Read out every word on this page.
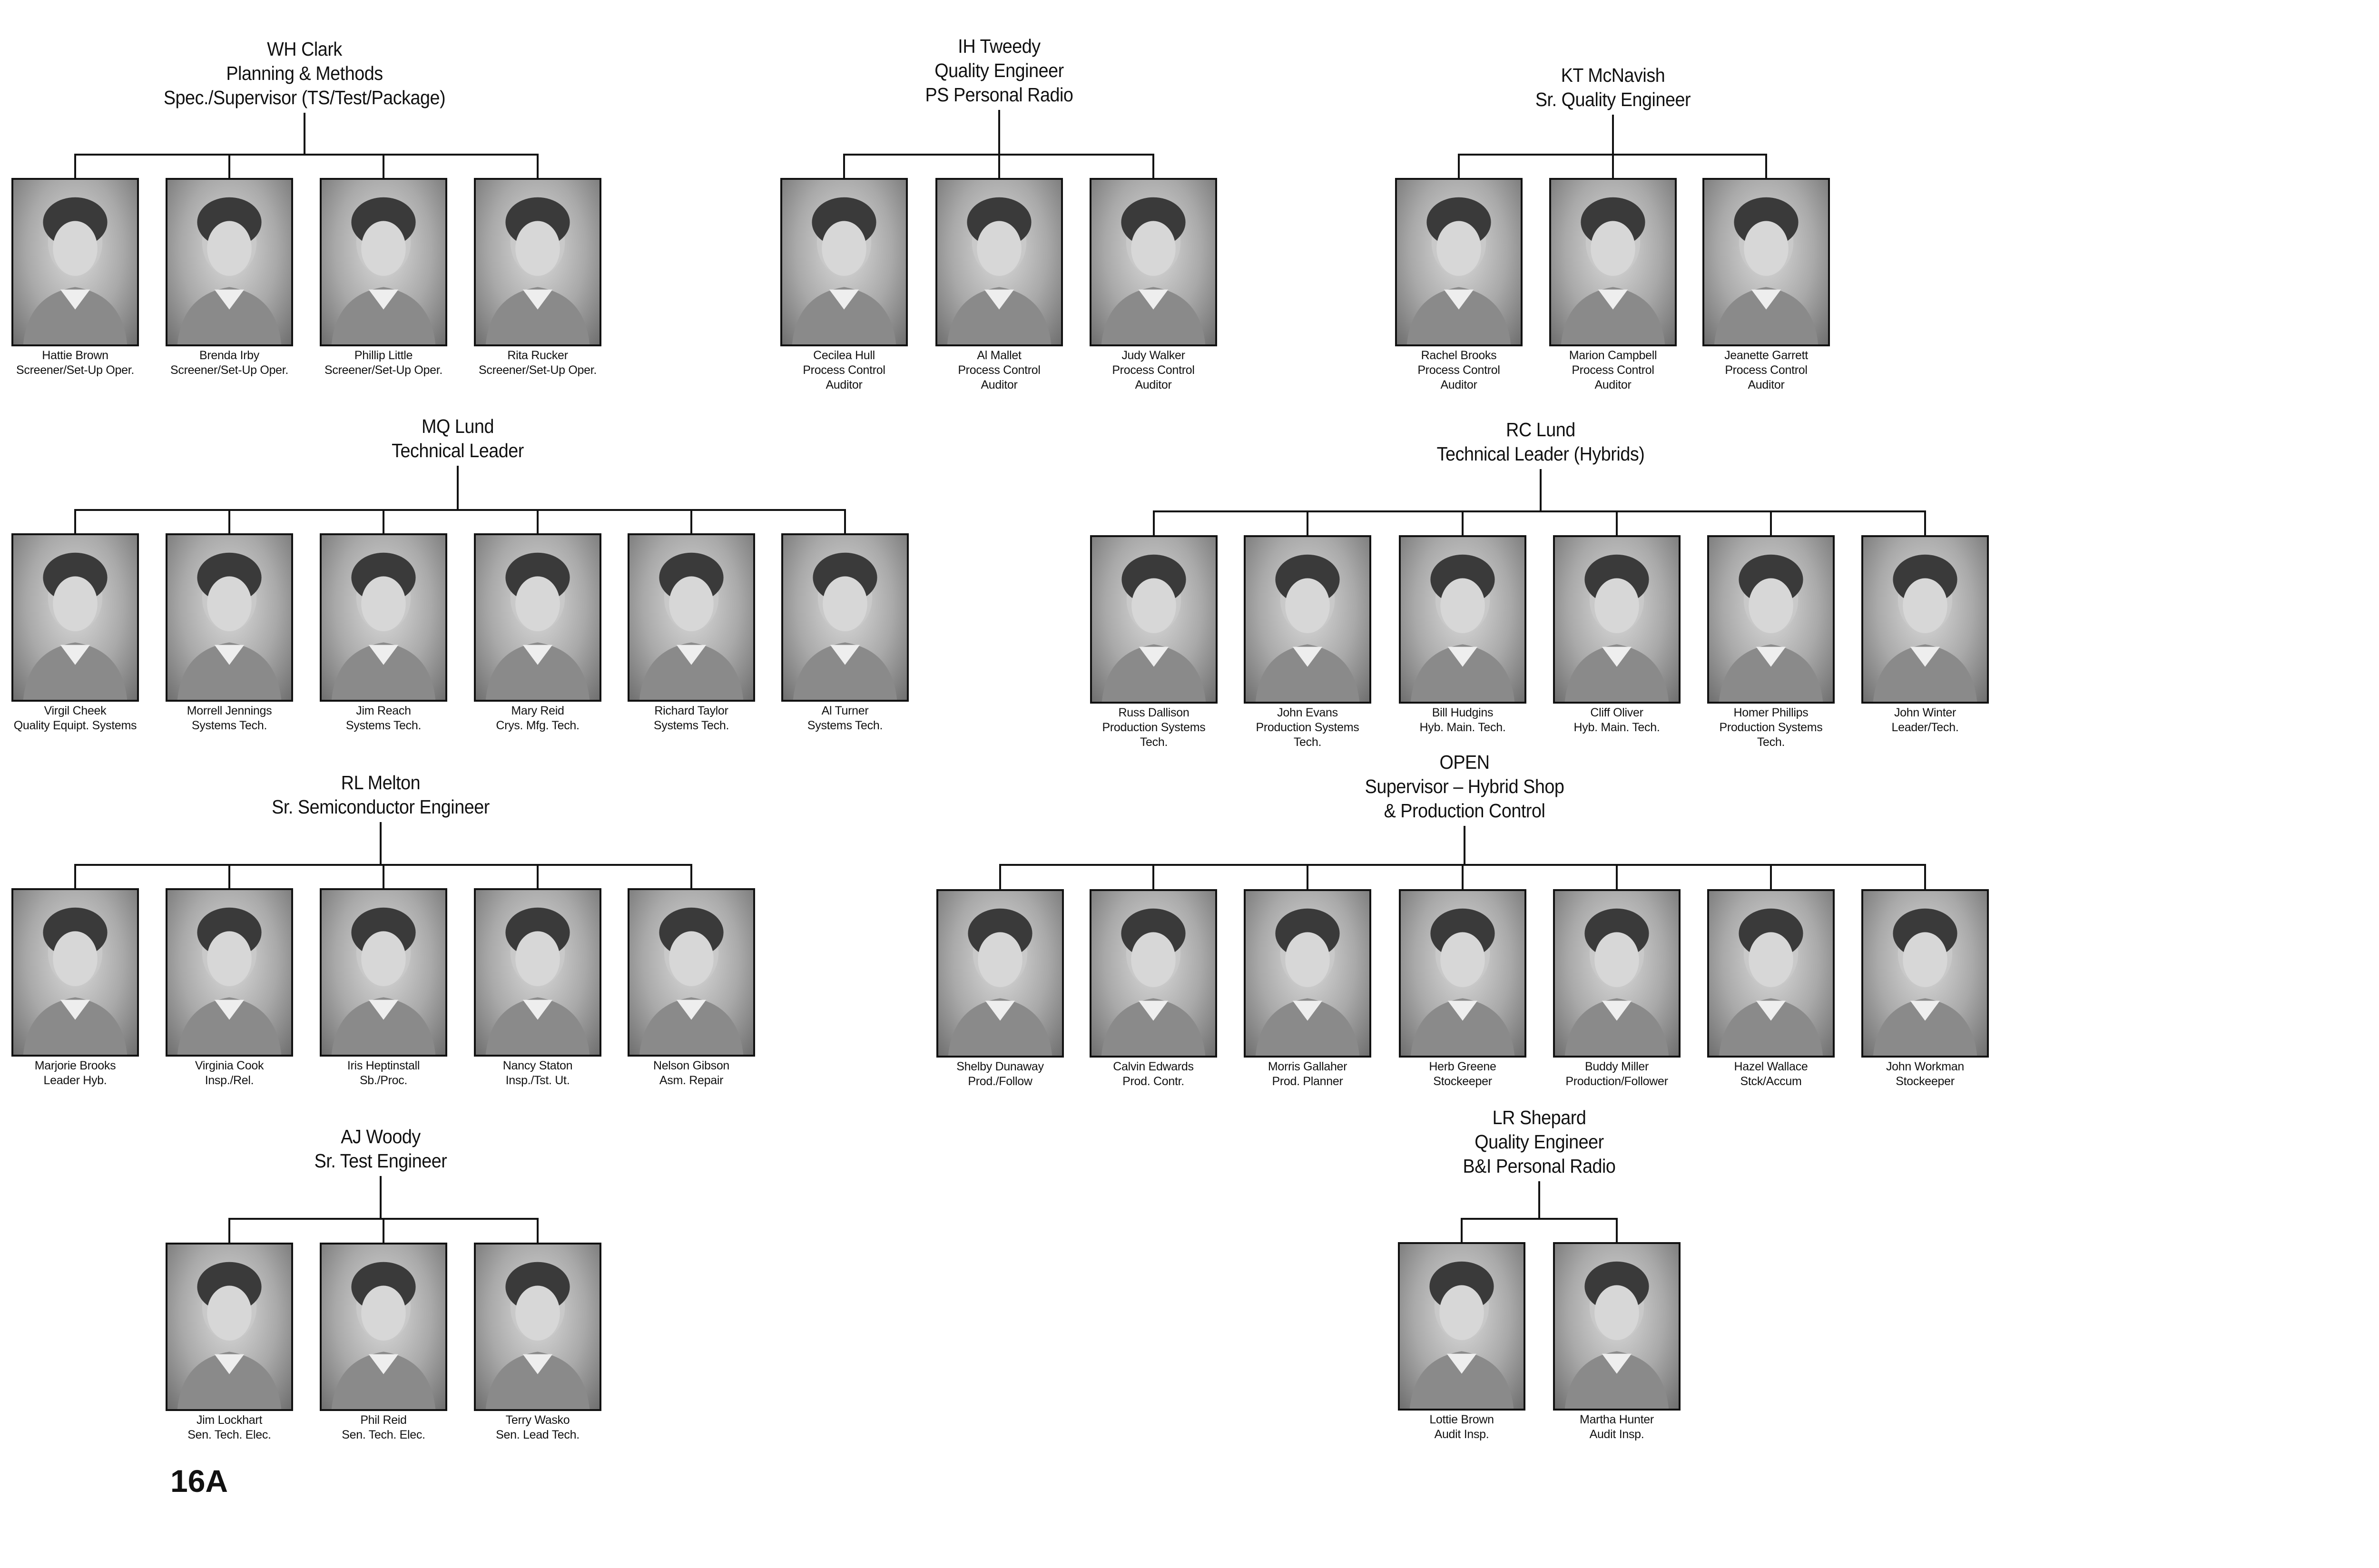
WH Clark
Planning & Methods
Spec./Supervisor (TS/Test/Package)
Hattie Brown
Screener/Set-Up Oper.
Brenda Irby
Screener/Set-Up Oper.
Phillip Little
Screener/Set-Up Oper.
Rita Rucker
Screener/Set-Up Oper.
IH Tweedy
Quality Engineer
PS Personal Radio
Cecilea Hull
Process Control
Auditor
Al Mallet
Process Control
Auditor
Judy Walker
Process Control
Auditor
KT McNavish
Sr. Quality Engineer
Rachel Brooks
Process Control
Auditor
Marion Campbell
Process Control
Auditor
Jeanette Garrett
Process Control
Auditor
MQ Lund
Technical Leader
Virgil Cheek
Quality Equipt. Systems
Morrell Jennings
Systems Tech.
Jim Reach
Systems Tech.
Mary Reid
Crys. Mfg. Tech.
Richard Taylor
Systems Tech.
Al Turner
Systems Tech.
RC Lund
Technical Leader (Hybrids)
Russ Dallison
Production Systems
Tech.
John Evans
Production Systems
Tech.
Bill Hudgins
Hyb. Main. Tech.
Cliff Oliver
Hyb. Main. Tech.
Homer Phillips
Production Systems
Tech.
John Winter
Leader/Tech.
RL Melton
Sr. Semiconductor Engineer
Marjorie Brooks
Leader Hyb.
Virginia Cook
Insp./Rel.
Iris Heptinstall
Sb./Proc.
Nancy Staton
Insp./Tst. Ut.
Nelson Gibson
Asm. Repair
OPEN
Supervisor – Hybrid Shop
& Production Control
Shelby Dunaway
Prod./Follow
Calvin Edwards
Prod. Contr.
Morris Gallaher
Prod. Planner
Herb Greene
Stockeeper
Buddy Miller
Production/Follower
Hazel Wallace
Stck/Accum
John Workman
Stockeeper
AJ Woody
Sr. Test Engineer
Jim Lockhart
Sen. Tech. Elec.
Phil Reid
Sen. Tech. Elec.
Terry Wasko
Sen. Lead Tech.
LR Shepard
Quality Engineer
B&I Personal Radio
Lottie Brown
Audit Insp.
Martha Hunter
Audit Insp.
16A
